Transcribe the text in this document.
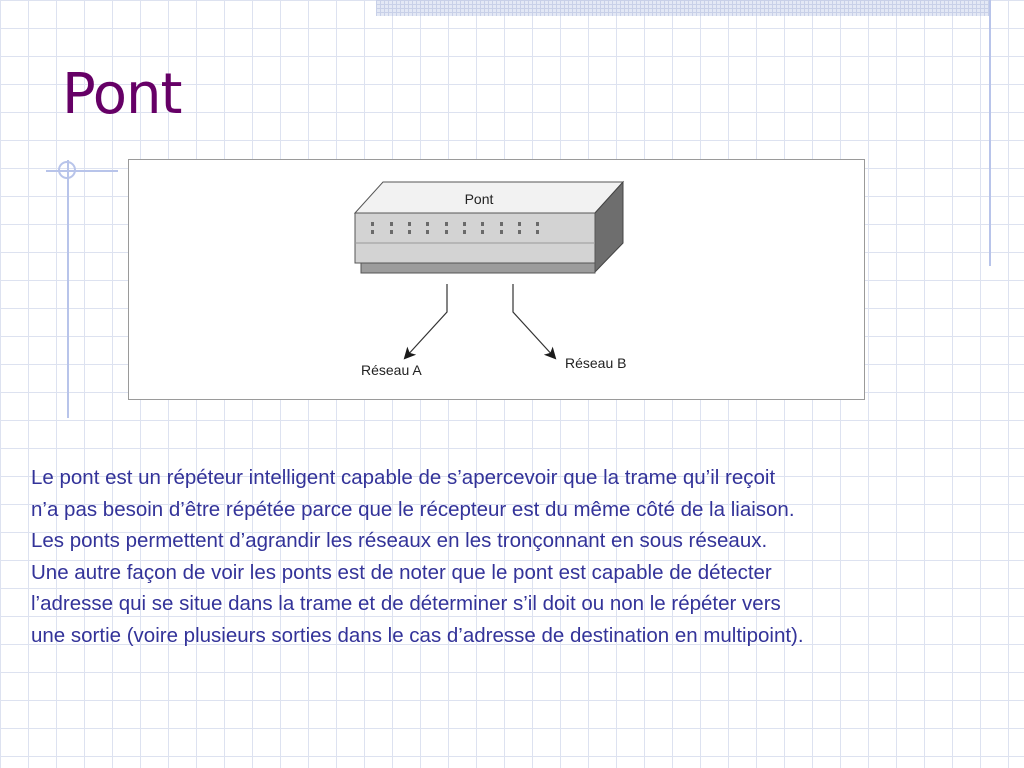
Pont
Pont
Réseau A	Réseau B

Le pont est un répéteur intelligent capable de s’apercevoir que la trame qu’il reçoit
n’a pas besoin d’être répétée parce que le récepteur est du même côté de la liaison.
Les ponts permettent d’agrandir les réseaux en les tronçonnant en sous réseaux.
Une autre façon de voir les ponts est de noter que le pont est capable de détecter
l’adresse qui se situe dans la trame et de déterminer s’il doit ou non le répéter vers
une sortie (voire plusieurs sorties dans le cas d’adresse de destination en multipoint).
